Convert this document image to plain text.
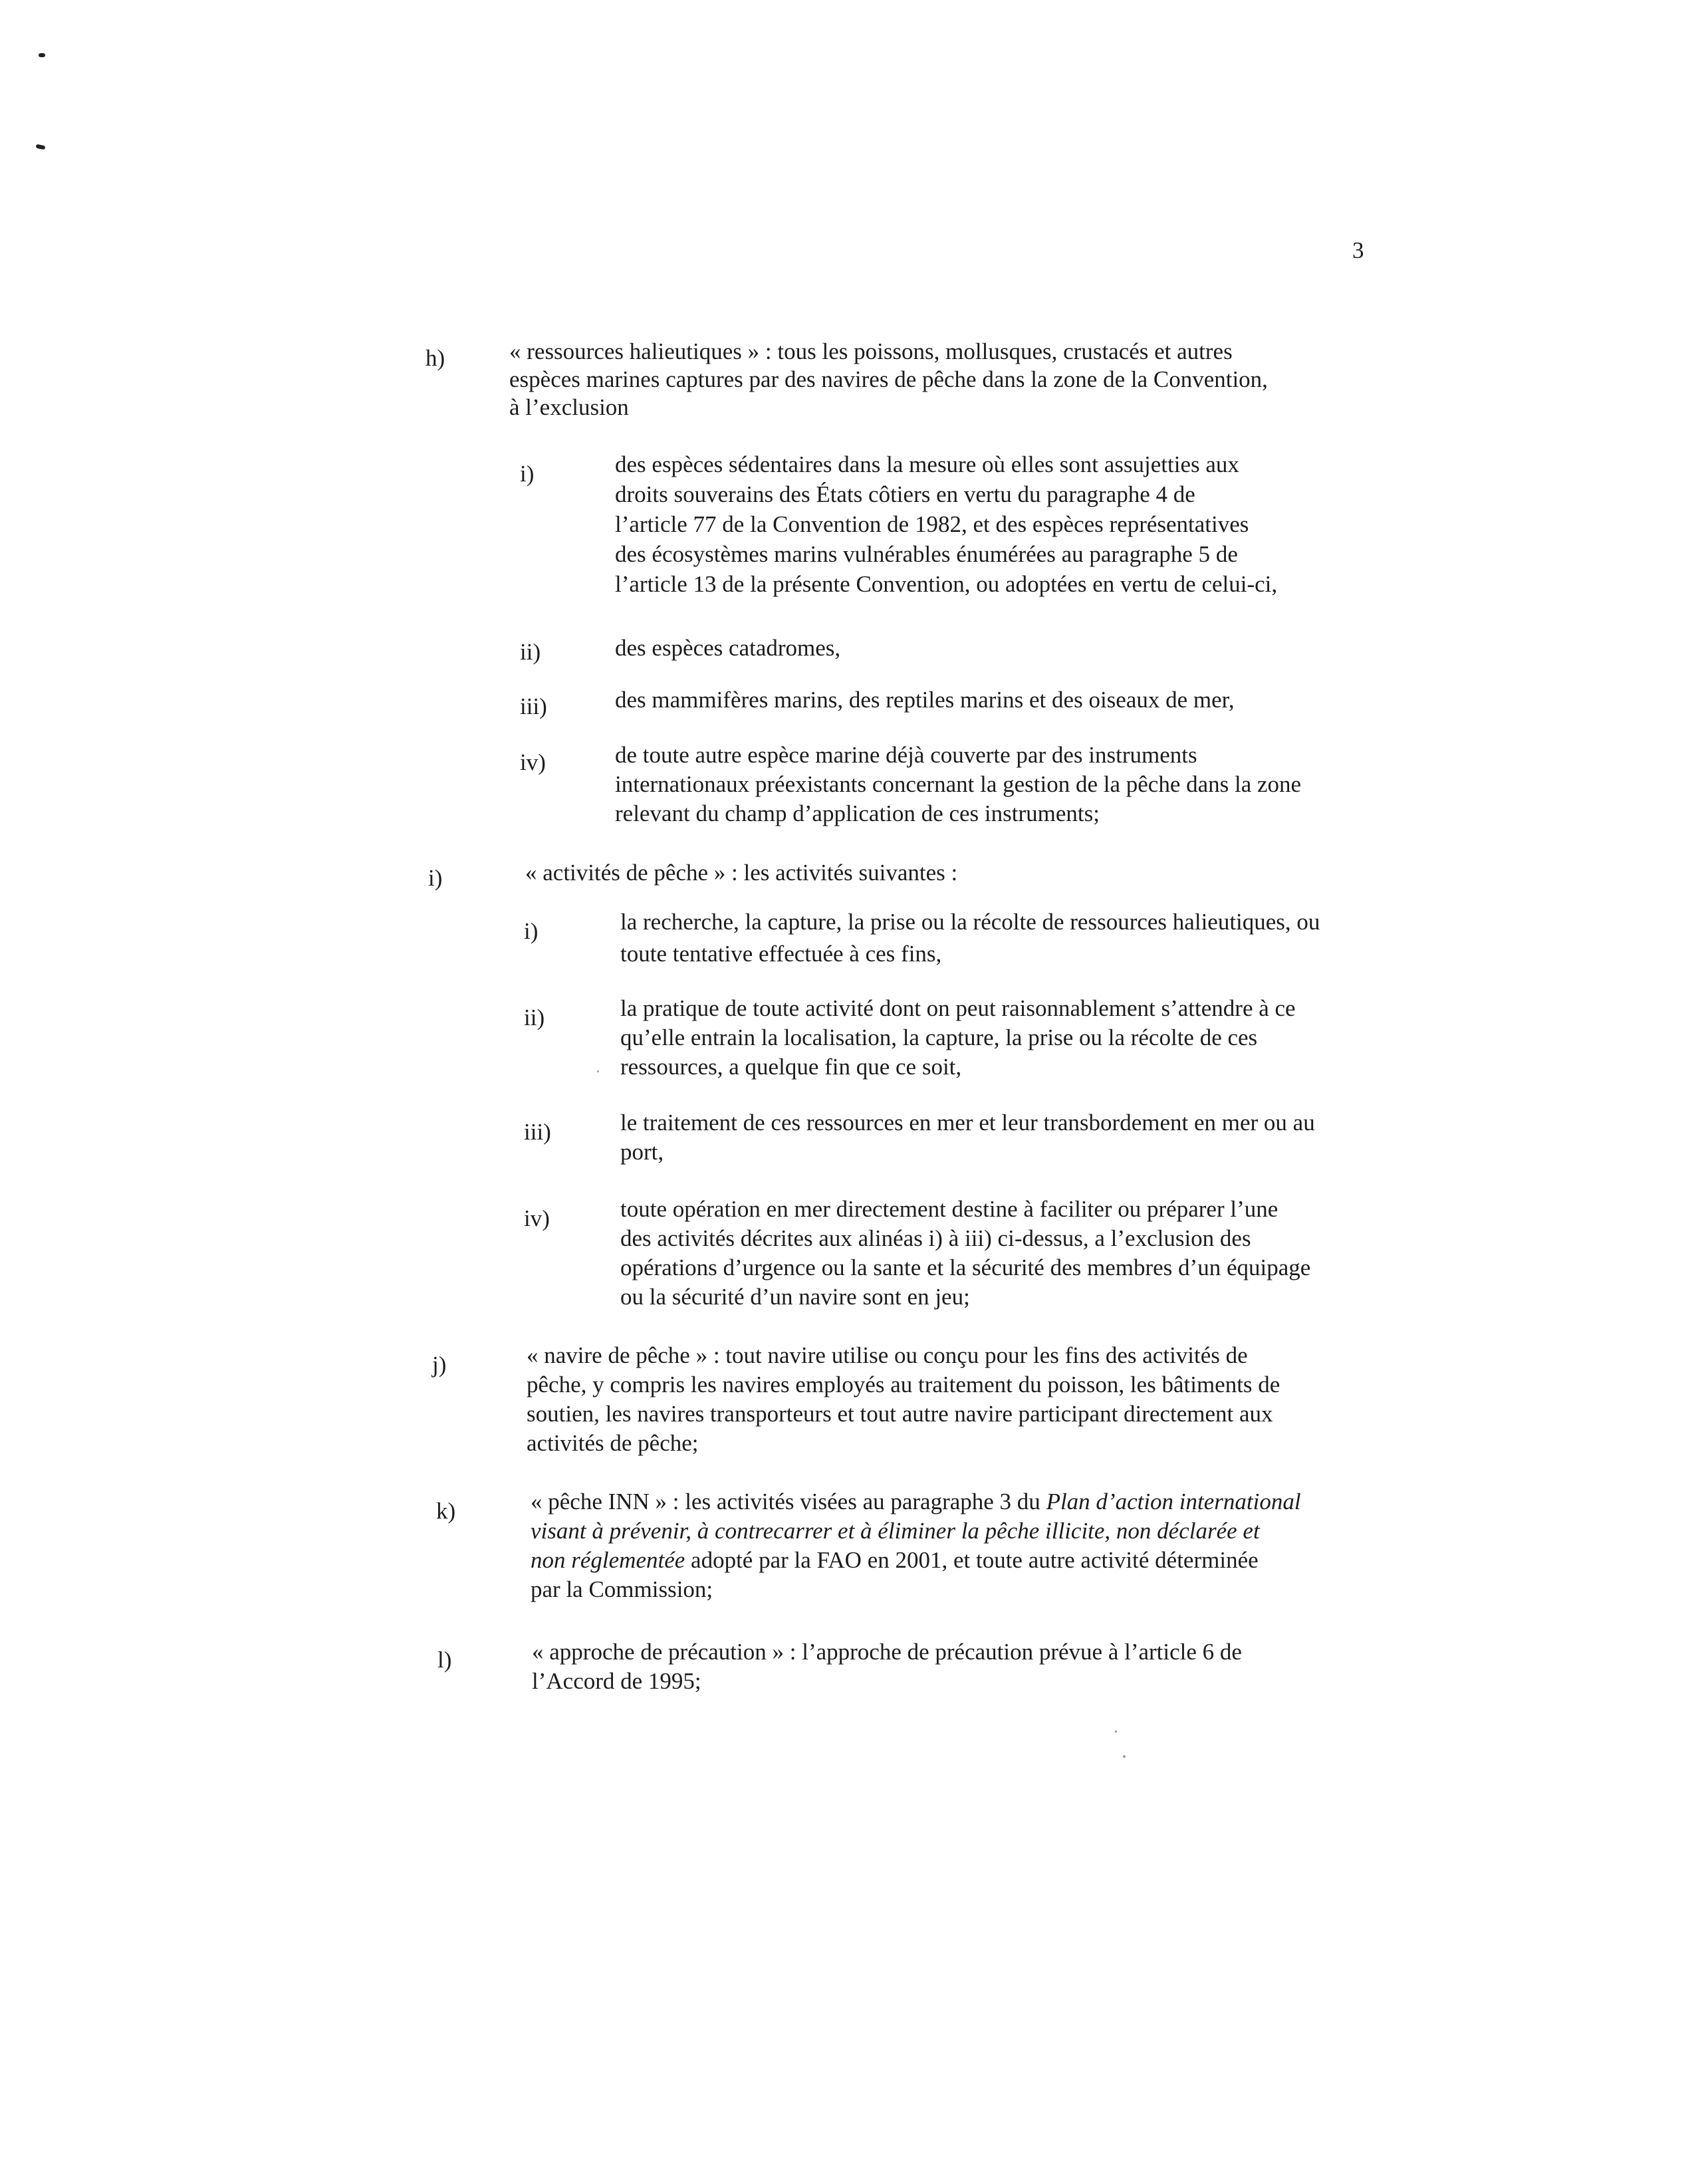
3
h)	« ressources halieutiques » : tous les poissons, mollusques, crustacés et autres
espèces marines captures par des navires de pêche dans la zone de la Convention,
à l’exclusion
i)	des espèces sédentaires dans la mesure où elles sont assujetties aux
droits souverains des États côtiers en vertu du paragraphe 4 de
l’article 77 de la Convention de 1982, et des espèces représentatives
des écosystèmes marins vulnérables énumérées au paragraphe 5 de
l’article 13 de la présente Convention, ou adoptées en vertu de celui-ci,
ii)	des espèces catadromes,
iii)	des mammifères marins, des reptiles marins et des oiseaux de mer,
iv)	de toute autre espèce marine déjà couverte par des instruments
internationaux préexistants concernant la gestion de la pêche dans la zone
relevant du champ d’application de ces instruments;
i)	« activités de pêche » : les activités suivantes :
i)	la recherche, la capture, la prise ou la récolte de ressources halieutiques, ou
toute tentative effectuée à ces fins,
ii)	la pratique de toute activité dont on peut raisonnablement s’attendre à ce
qu’elle entrain la localisation, la capture, la prise ou la récolte de ces
ressources, a quelque fin que ce soit,
iii)	le traitement de ces ressources en mer et leur transbordement en mer ou au
port,
iv)	toute opération en mer directement destine à faciliter ou préparer l’une
des activités décrites aux alinéas i) à iii) ci-dessus, a l’exclusion des
opérations d’urgence ou la sante et la sécurité des membres d’un équipage
ou la sécurité d’un navire sont en jeu;
j)	« navire de pêche » : tout navire utilise ou conçu pour les fins des activités de
pêche, y compris les navires employés au traitement du poisson, les bâtiments de
soutien, les navires transporteurs et tout autre navire participant directement aux
activités de pêche;
k)	« pêche INN » : les activités visées au paragraphe 3 du Plan d’action international
visant à prévenir, à contrecarrer et à éliminer la pêche illicite, non déclarée et
non réglementée adopté par la FAO en 2001, et toute autre activité déterminée
par la Commission;
l)	« approche de précaution » : l’approche de précaution prévue à l’article 6 de
l’Accord de 1995;
